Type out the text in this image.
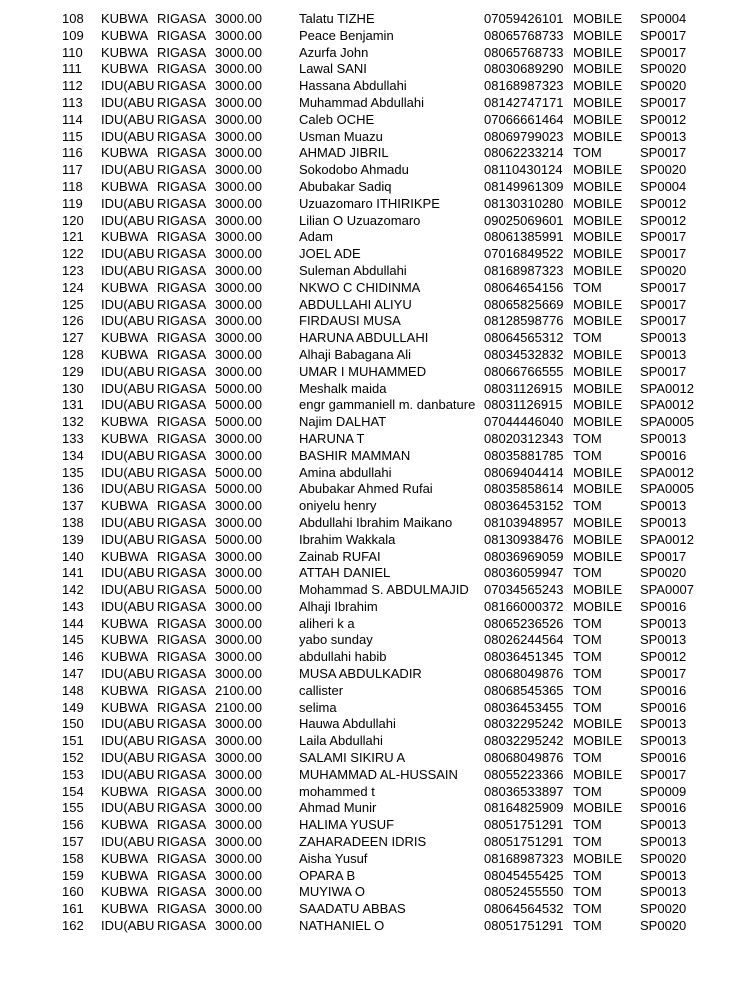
108	KUBWA RIGASA 3000.00	Talatu TIZHE	07059426101 MOBILE	SP0004
109	KUBWA RIGASA 3000.00	Peace Benjamin	08065768733 MOBILE	SP0017
110	KUBWA RIGASA 3000.00	Azurfa John	08065768733 MOBILE	SP0017
111	KUBWA RIGASA 3000.00	Lawal SANI	08030689290 MOBILE	SP0020
112	IDU(ABU RIGASA 3000.00	Hassana Abdullahi	08168987323 MOBILE	SP0020
113	IDU(ABU RIGASA 3000.00	Muhammad Abdullahi	08142747171 MOBILE	SP0017
114	IDU(ABU RIGASA 3000.00	Caleb OCHE	07066661464 MOBILE	SP0012
115	IDU(ABU RIGASA 3000.00	Usman Muazu	08069799023 MOBILE	SP0013
116	KUBWA RIGASA 3000.00	AHMAD JIBRIL	08062233214 TOM	SP0017
117	IDU(ABU RIGASA 3000.00	Sokodobo Ahmadu	08110430124 MOBILE	SP0020
118	KUBWA RIGASA 3000.00	Abubakar Sadiq	08149961309 MOBILE	SP0004
119	IDU(ABU RIGASA 3000.00	Uzuazomaro ITHIRIKPE	08130310280 MOBILE	SP0012
120	IDU(ABU RIGASA 3000.00	Lilian O Uzuazomaro	09025069601 MOBILE	SP0012
121	KUBWA RIGASA 3000.00	Adam	08061385991 MOBILE	SP0017
122	IDU(ABU RIGASA 3000.00	JOEL ADE	07016849522 MOBILE	SP0017
123	IDU(ABU RIGASA 3000.00	Suleman Abdullahi	08168987323 MOBILE	SP0020
124	KUBWA RIGASA 3000.00	NKWO C CHIDINMA	08064654156 TOM	SP0017
125	IDU(ABU RIGASA 3000.00	ABDULLAHI ALIYU	08065825669 MOBILE	SP0017
126	IDU(ABU RIGASA 3000.00	FIRDAUSI MUSA	08128598776 MOBILE	SP0017
127	KUBWA RIGASA 3000.00	HARUNA ABDULLAHI	08064565312 TOM	SP0013
128	KUBWA RIGASA 3000.00	Alhaji Babagana Ali	08034532832 MOBILE	SP0013
129	IDU(ABU RIGASA 3000.00	UMAR I MUHAMMED	08066766555 MOBILE	SP0017
130	IDU(ABU RIGASA 5000.00	Meshalk maida	08031126915 MOBILE	SPA0012
131	IDU(ABU RIGASA 5000.00	engr gammaniell m. danbature 08031126915 MOBILE	SPA0012
132	KUBWA RIGASA 5000.00	Najim DALHAT	07044446040 MOBILE	SPA0005
133	KUBWA RIGASA 3000.00	HARUNA T	08020312343 TOM	SP0013
134	IDU(ABU RIGASA 3000.00	BASHIR MAMMAN	08035881785 TOM	SP0016
135	IDU(ABU RIGASA 5000.00	Amina abdullahi	08069404414 MOBILE	SPA0012
136	IDU(ABU RIGASA 5000.00	Abubakar Ahmed Rufai	08035858614 MOBILE	SPA0005
137	KUBWA RIGASA 3000.00	oniyelu henry	08036453152 TOM	SP0013
138	IDU(ABU RIGASA 3000.00	Abdullahi Ibrahim Maikano	08103948957 MOBILE	SP0013
139	IDU(ABU RIGASA 5000.00	Ibrahim Wakkala	08130938476 MOBILE	SPA0012
140	KUBWA RIGASA 3000.00	Zainab RUFAI	08036969059 MOBILE	SP0017
141	IDU(ABU RIGASA 3000.00	ATTAH DANIEL	08036059947 TOM	SP0020
142	IDU(ABU RIGASA 5000.00	Mohammad S. ABDULMAJID	07034565243 MOBILE	SPA0007
143	IDU(ABU RIGASA 3000.00	Alhaji Ibrahim	08166000372 MOBILE	SP0016
144	KUBWA RIGASA 3000.00	aliheri k a	08065236526 TOM	SP0013
145	KUBWA RIGASA 3000.00	yabo sunday	08026244564 TOM	SP0013
146	KUBWA RIGASA 3000.00	abdullahi habib	08036451345 TOM	SP0012
147	IDU(ABU RIGASA 3000.00	MUSA ABDULKADIR	08068049876 TOM	SP0017
148	KUBWA RIGASA 2100.00	callister	08068545365 TOM	SP0016
149	KUBWA RIGASA 2100.00	selima	08036453455 TOM	SP0016
150	IDU(ABU RIGASA 3000.00	Hauwa Abdullahi	08032295242 MOBILE	SP0013
151	IDU(ABU RIGASA 3000.00	Laila Abdullahi	08032295242 MOBILE	SP0013
152	IDU(ABU RIGASA 3000.00	SALAMI SIKIRU A	08068049876 TOM	SP0016
153	IDU(ABU RIGASA 3000.00	MUHAMMAD AL-HUSSAIN	08055223366 MOBILE	SP0017
154	KUBWA RIGASA 3000.00	mohammed t	08036533897 TOM	SP0009
155	IDU(ABU RIGASA 3000.00	Ahmad Munir	08164825909 MOBILE	SP0016
156	KUBWA RIGASA 3000.00	HALIMA YUSUF	08051751291 TOM	SP0013
157	IDU(ABU RIGASA 3000.00	ZAHARADEEN IDRIS	08051751291 TOM	SP0013
158	KUBWA RIGASA 3000.00	Aisha Yusuf	08168987323 MOBILE	SP0020
159	KUBWA RIGASA 3000.00	OPARA B	08045455425 TOM	SP0013
160	KUBWA RIGASA 3000.00	MUYIWA O	08052455550 TOM	SP0013
161	KUBWA RIGASA 3000.00	SAADATU ABBAS	08064564532 TOM	SP0020
162	IDU(ABU RIGASA 3000.00	NATHANIEL O	08051751291 TOM	SP0020
